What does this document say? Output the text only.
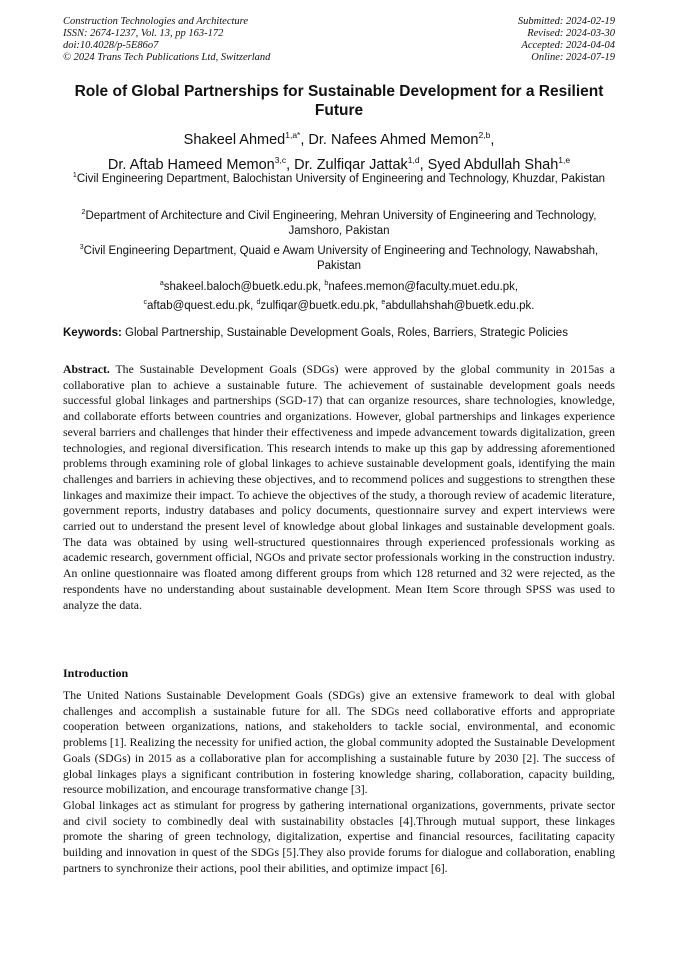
Construction Technologies and Architecture
ISSN: 2674-1237, Vol. 13, pp 163-172
doi:10.4028/p-5E86o7
© 2024 Trans Tech Publications Ltd, Switzerland
Submitted: 2024-02-19
Revised: 2024-03-30
Accepted: 2024-04-04
Online: 2024-07-19
Role of Global Partnerships for Sustainable Development for a Resilient Future
Shakeel Ahmed$^{1,a*}$, Dr. Nafees Ahmed Memon$^{2,b}$,
Dr. Aftab Hameed Memon$^{3,c}$, Dr. Zulfiqar Jattak$^{1,d}$, Syed Abdullah Shah$^{1,e}$
$^1$Civil Engineering Department, Balochistan University of Engineering and Technology, Khuzdar, Pakistan
$^2$Department of Architecture and Civil Engineering, Mehran University of Engineering and Technology, Jamshoro, Pakistan
$^3$Civil Engineering Department, Quaid e Awam University of Engineering and Technology, Nawabshah, Pakistan
$^a$shakeel.baloch@buetk.edu.pk, $^b$nafees.memon@faculty.muet.edu.pk,
$^c$aftab@quest.edu.pk, $^d$zulfiqar@buetk.edu.pk, $^e$abdullahshah@buetk.edu.pk.
Keywords: Global Partnership, Sustainable Development Goals, Roles, Barriers, Strategic Policies
Abstract. The Sustainable Development Goals (SDGs) were approved by the global community in 2015as a collaborative plan to achieve a sustainable future. The achievement of sustainable development goals needs successful global linkages and partnerships (SGD-17) that can organize resources, share technologies, knowledge, and collaborate efforts between countries and organizations. However, global partnerships and linkages experience several barriers and challenges that hinder their effectiveness and impede advancement towards digitalization, green technologies, and regional diversification. This research intends to make up this gap by addressing aforementioned problems through examining role of global linkages to achieve sustainable development goals, identifying the main challenges and barriers in achieving these objectives, and to recommend polices and suggestions to strengthen these linkages and maximize their impact. To achieve the objectives of the study, a thorough review of academic literature, government reports, industry databases and policy documents, questionnaire survey and expert interviews were carried out to understand the present level of knowledge about global linkages and sustainable development goals. The data was obtained by using well-structured questionnaires through experienced professionals working as academic research, government official, NGOs and private sector professionals working in the construction industry. An online questionnaire was floated among different groups from which 128 returned and 32 were rejected, as the respondents have no understanding about sustainable development. Mean Item Score through SPSS was used to analyze the data.
Introduction

The United Nations Sustainable Development Goals (SDGs) give an extensive framework to deal with global challenges and accomplish a sustainable future for all. The SDGs need collaborative efforts and appropriate cooperation between organizations, nations, and stakeholders to tackle social, environmental, and economic problems [1]. Realizing the necessity for unified action, the global community adopted the Sustainable Development Goals (SDGs) in 2015 as a collaborative plan for accomplishing a sustainable future by 2030 [2]. The success of global linkages plays a significant contribution in fostering knowledge sharing, collaboration, capacity building, resource mobilization, and encourage transformative change [3].

Global linkages act as stimulant for progress by gathering international organizations, governments, private sector and civil society to combinedly deal with sustainability obstacles [4].Through mutual support, these linkages promote the sharing of green technology, digitalization, expertise and financial resources, facilitating capacity building and innovation in quest of the SDGs [5].They also provide forums for dialogue and collaboration, enabling partners to synchronize their actions, pool their abilities, and optimize impact [6].
